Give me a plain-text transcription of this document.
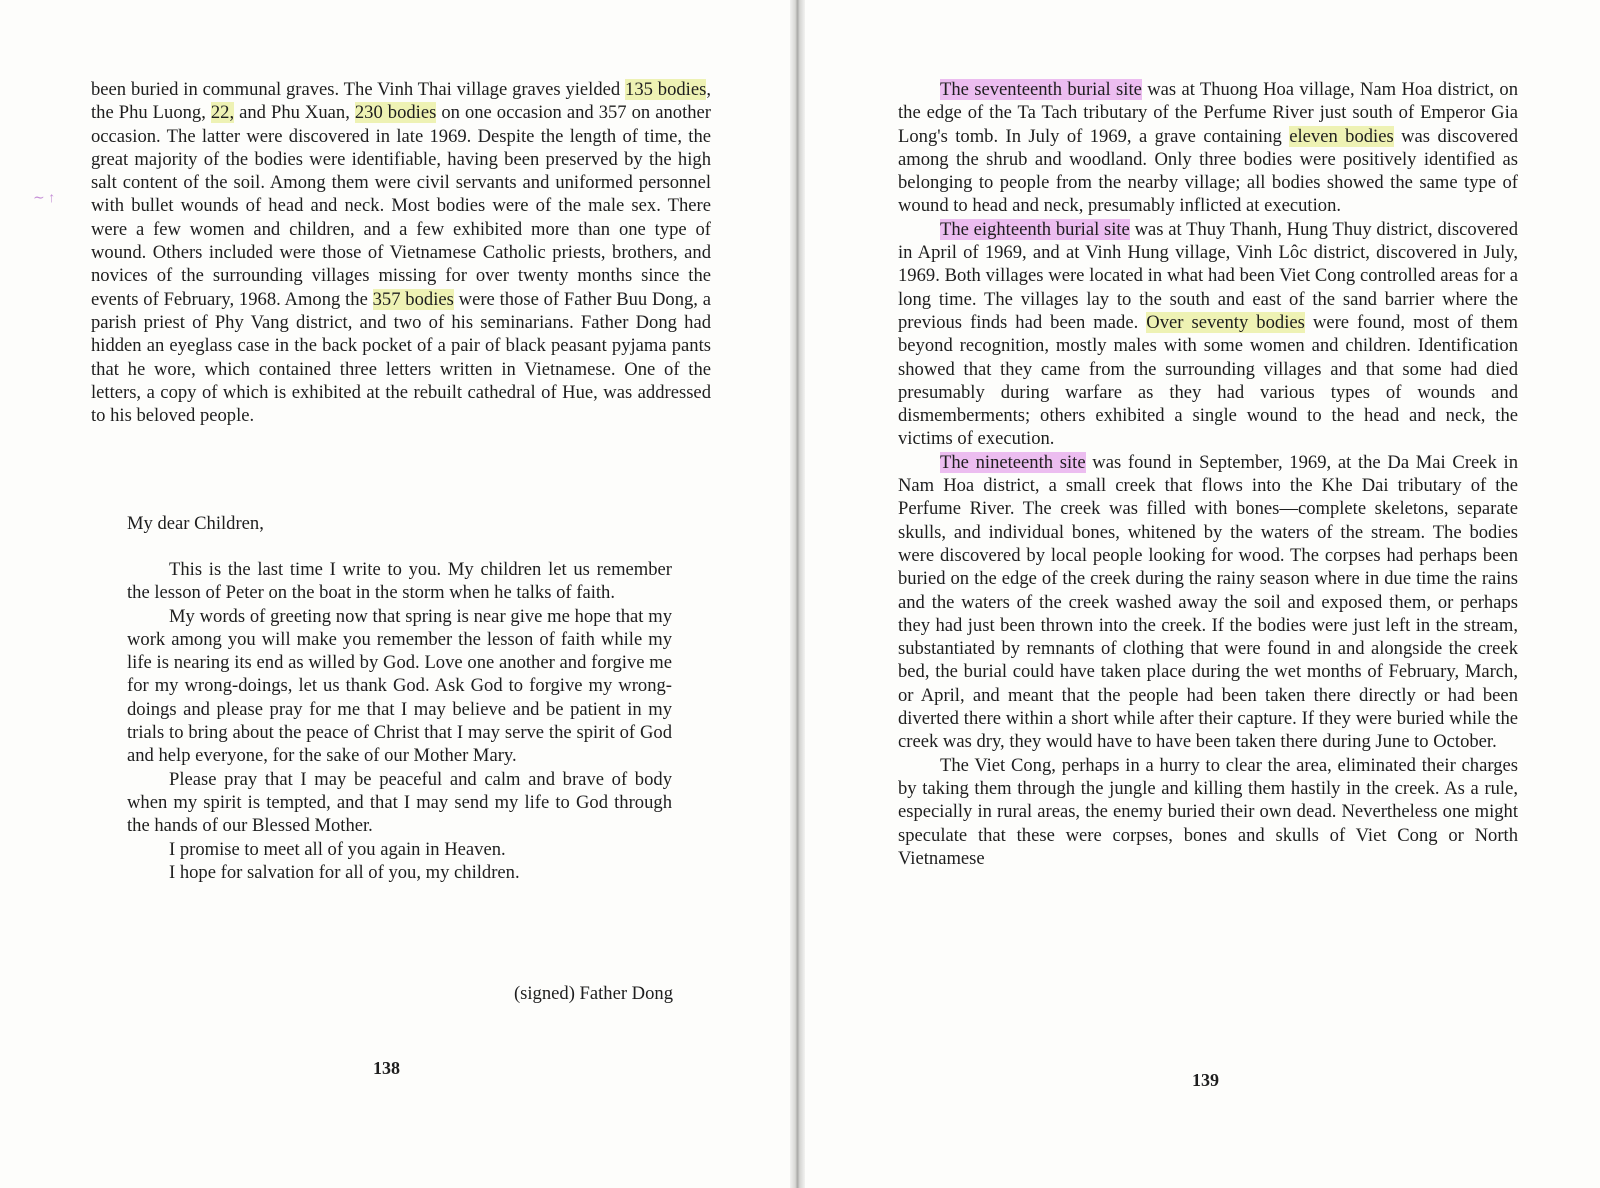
∼ ↑

been buried in communal graves. The Vinh Thai village graves yielded 135 bodies, the Phu Luong, 22, and Phu Xuan, 230 bodies on one occasion and 357 on another occasion. The latter were discovered in late 1969. Despite the length of time, the great majority of the bodies were identifiable, having been preserved by the high salt content of the soil. Among them were civil servants and uniformed personnel with bullet wounds of head and neck. Most bodies were of the male sex. There were a few women and children, and a few exhibited more than one type of wound. Others included were those of Vietnamese Catholic priests, brothers, and novices of the surrounding villages missing for over twenty months since the events of February, 1968. Among the 357 bodies were those of Father Buu Dong, a parish priest of Phy Vang district, and two of his seminarians. Father Dong had hidden an eyeglass case in the back pocket of a pair of black peasant pyjama pants that he wore, which contained three letters written in Vietnamese. One of the letters, a copy of which is exhibited at the rebuilt cathedral of Hue, was addressed to his beloved people.

My dear Children,

This is the last time I write to you. My children let us remember the lesson of Peter on the boat in the storm when he talks of faith.

My words of greeting now that spring is near give me hope that my work among you will make you remember the lesson of faith while my life is nearing its end as willed by God. Love one another and forgive me for my wrong-doings, let us thank God. Ask God to forgive my wrong-doings and please pray for me that I may believe and be patient in my trials to bring about the peace of Christ that I may serve the spirit of God and help everyone, for the sake of our Mother Mary.

Please pray that I may be peaceful and calm and brave of body when my spirit is tempted, and that I may send my life to God through the hands of our Blessed Mother.

I promise to meet all of you again in Heaven.

I hope for salvation for all of you, my children.

(signed) Father Dong

138

The seventeenth burial site was at Thuong Hoa village, Nam Hoa district, on the edge of the Ta Tach tributary of the Perfume River just south of Emperor Gia Long's tomb. In July of 1969, a grave containing eleven bodies was discovered among the shrub and woodland. Only three bodies were positively identified as belonging to people from the nearby village; all bodies showed the same type of wound to head and neck, presumably inflicted at execution.

The eighteenth burial site was at Thuy Thanh, Hung Thuy district, discovered in April of 1969, and at Vinh Hung village, Vinh Lôc district, discovered in July, 1969. Both villages were located in what had been Viet Cong controlled areas for a long time. The villages lay to the south and east of the sand barrier where the previous finds had been made. Over seventy bodies were found, most of them beyond recognition, mostly males with some women and children. Identification showed that they came from the surrounding villages and that some had died presumably during warfare as they had various types of wounds and dismemberments; others exhibited a single wound to the head and neck, the victims of execution.

The nineteenth site was found in September, 1969, at the Da Mai Creek in Nam Hoa district, a small creek that flows into the Khe Dai tributary of the Perfume River. The creek was filled with bones—complete skeletons, separate skulls, and individual bones, whitened by the waters of the stream. The bodies were discovered by local people looking for wood. The corpses had perhaps been buried on the edge of the creek during the rainy season where in due time the rains and the waters of the creek washed away the soil and exposed them, or perhaps they had just been thrown into the creek. If the bodies were just left in the stream, substantiated by remnants of clothing that were found in and alongside the creek bed, the burial could have taken place during the wet months of February, March, or April, and meant that the people had been taken there directly or had been diverted there within a short while after their capture. If they were buried while the creek was dry, they would have to have been taken there during June to October.

The Viet Cong, perhaps in a hurry to clear the area, eliminated their charges by taking them through the jungle and killing them hastily in the creek. As a rule, especially in rural areas, the enemy buried their own dead. Nevertheless one might speculate that these were corpses, bones and skulls of Viet Cong or North Vietnamese

139
